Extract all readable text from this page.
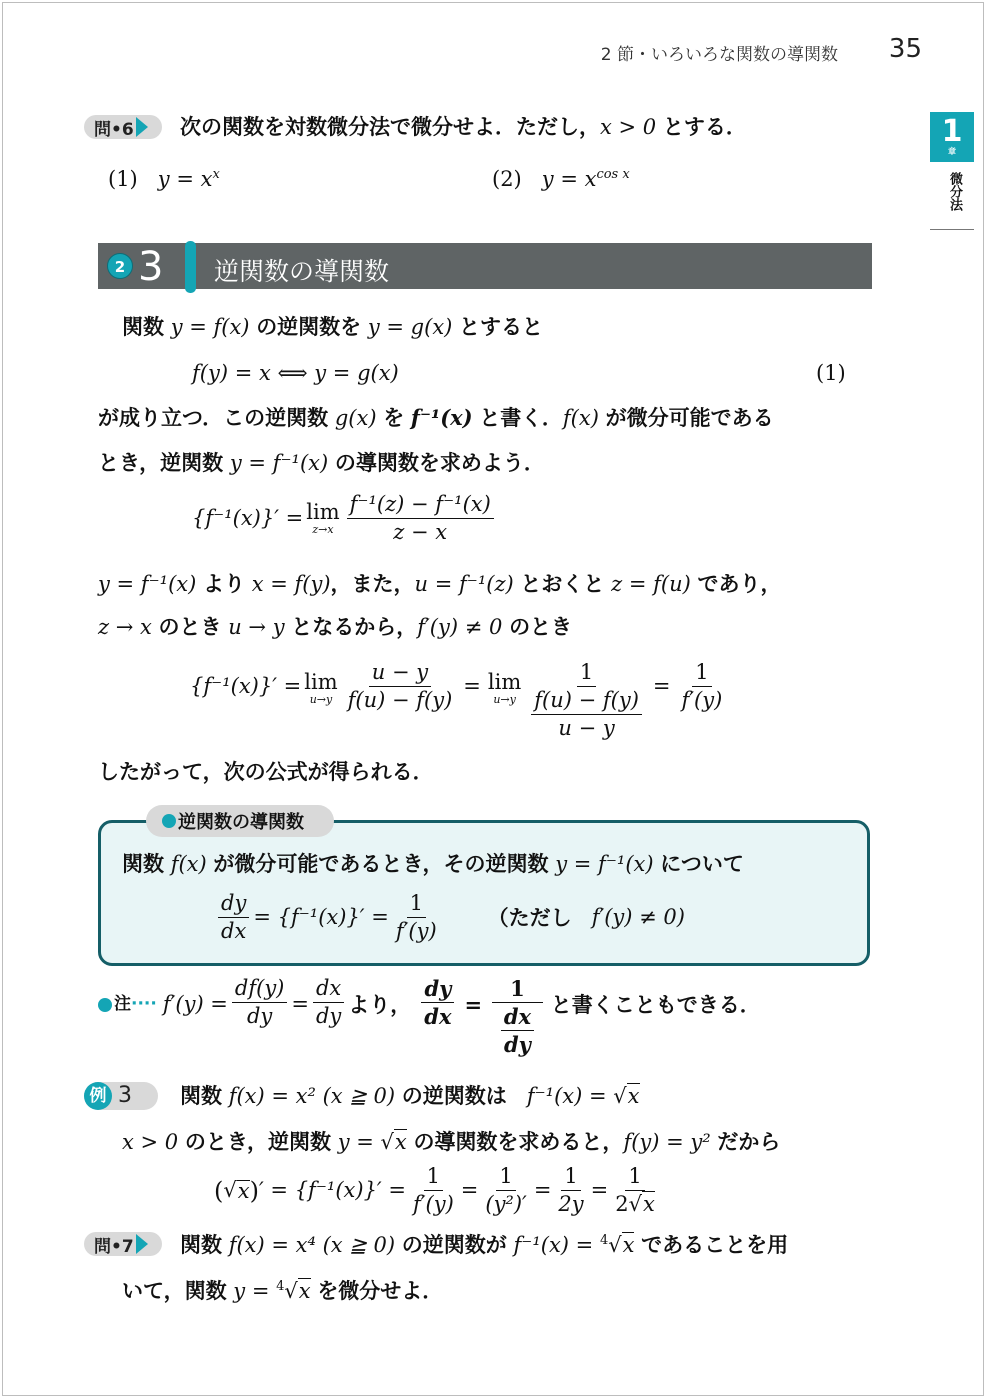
2 節・いろいろな関数の導関数 35
1
章
微分法
問•6 次の関数を対数微分法で微分せよ．ただし，x > 0 とする．
(1) $y = x^x$	(2) $y = x^{cos x}$
2 3 逆関数の導関数
関数 y = f(x) の逆関数を y = g(x) とすると
f(y) = x ⟺ y = g(x)	(1)
が成り立つ．この逆関数 g(x) を f⁻¹(x) と書く．f(x) が微分可能である
とき，逆関数 y = f⁻¹(x) の導関数を求めよう．
{f⁻¹(x)}′ = lim
$z\to x \frac{\text{f⁻¹(z) − f⁻¹(x)}}{z - x}$
y = f⁻¹(x) より x = f(y)，また，u = f⁻¹(z) とおくと z = f(u) であり，
z → x のとき u → y となるから，f′(y) ≠ 0 のとき
{f⁻¹(x)}′ = lim
$u\to y \frac{u - y}{f(u) - f(y)} = \lim$
$u\to y \frac{1}{\frac{f(u) - f(y)}{u - y}} = \frac{1}{f'(y)}$
したがって，次の公式が得られる．
逆関数の導関数
関数 f(x) が微分可能であるとき，その逆関数 y = f⁻¹(x) について
$\frac{dy}{dx} = \{f^{-1}(x)\}' = \frac{1}{f'(y)}$ （ただし
f′(y) ≠ 0)
注 ···· $f'(y) = \frac{df(y)}{dy} = \frac{dx}{dy}$ より， $\frac{dy}{dx} = \frac{1}{\frac{dx}{dy}}$ と書くこともできる．
例 3 関数 f(x) = x² (x ≧ 0) の逆関数は f⁻¹(x) = √x
x > 0 のとき，逆関数 y = √x の導関数を求めると，f(y) = y² だから
( √ x ) ′ = $\{f^{-1}(x)\}' = \frac{1}{f'(y)} = \frac{1}{\text{(y²)′}} = \frac{1}{2y} = \frac{1}{2√x}$
問•7 関数 f(x) = x⁴ (x ≧ 0) の逆関数が f⁻¹(x) = $^4$√x であることを用
いて，関数 y = $^4$√x を微分せよ．
